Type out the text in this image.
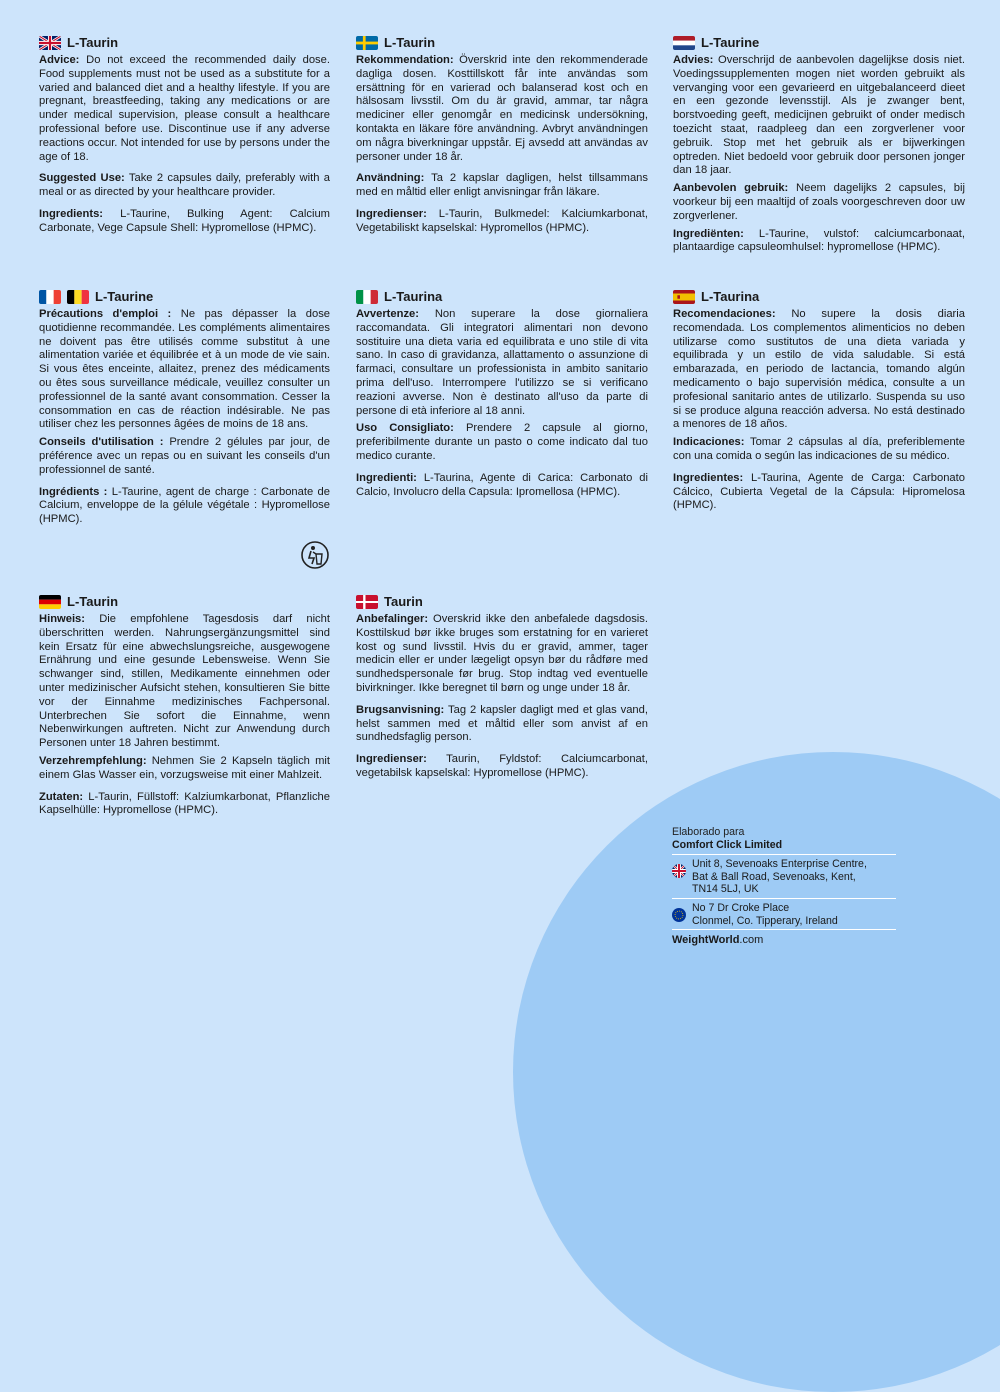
L-Taurin

Advice: Do not exceed the recommended daily dose. Food supplements must not be used as a substitute for a varied and balanced diet and a healthy lifestyle. If you are pregnant, breastfeeding, taking any medications or are under medical supervision, please consult a healthcare professional before use. Discontinue use if any adverse reactions occur. Not intended for use by persons under the age of 18.

Suggested Use: Take 2 capsules daily, preferably with a meal or as directed by your healthcare provider.

Ingredients: L-Taurine, Bulking Agent: Calcium Carbonate, Vege Capsule Shell: Hypromellose (HPMC).

L-Taurin

Rekommendation: Överskrid inte den rekommenderade dagliga dosen. Kosttillskott får inte användas som ersättning för en varierad och balanserad kost och en hälsosam livsstil. Om du är gravid, ammar, tar några mediciner eller genomgår en medicinsk undersökning, kontakta en läkare före användning. Avbryt användningen om några biverkningar uppstår. Ej avsedd att användas av personer under 18 år.

Användning: Ta 2 kapslar dagligen, helst tillsammans med en måltid eller enligt anvisningar från läkare.

Ingredienser: L-Taurin, Bulkmedel: Kalciumkarbonat, Vegetabiliskt kapselskal: Hypromellos (HPMC).

L-Taurine

Advies: Overschrijd de aanbevolen dagelijkse dosis niet. Voedingssupplementen mogen niet worden gebruikt als vervanging voor een gevarieerd en uitgebalanceerd dieet en een gezonde levensstijl. Als je zwanger bent, borstvoeding geeft, medicijnen gebruikt of onder medisch toezicht staat, raadpleeg dan een zorgverlener voor gebruik. Stop met het gebruik als er bijwerkingen optreden. Niet bedoeld voor gebruik door personen jonger dan 18 jaar.

Aanbevolen gebruik: Neem dagelijks 2 capsules, bij voorkeur bij een maaltijd of zoals voorgeschreven door uw zorgverlener.

Ingrediënten: L-Taurine, vulstof: calciumcarbonaat, plantaardige capsuleomhulsel: hypromellose (HPMC).

L-Taurine

Précautions d'emploi : Ne pas dépasser la dose quotidienne recommandée. Les compléments alimentaires ne doivent pas être utilisés comme substitut à une alimentation variée et équilibrée et à un mode de vie sain. Si vous êtes enceinte, allaitez, prenez des médicaments ou êtes sous surveillance médicale, veuillez consulter un professionnel de la santé avant consommation. Cesser la consommation en cas de réaction indésirable. Ne pas utiliser chez les personnes âgées de moins de 18 ans.

Conseils d'utilisation : Prendre 2 gélules par jour, de préférence avec un repas ou en suivant les conseils d'un professionnel de santé.

Ingrédients : L-Taurine, agent de charge : Carbonate de Calcium, enveloppe de la gélule végétale : Hypromellose (HPMC).

L-Taurina

Avvertenze: Non superare la dose giornaliera raccomandata. Gli integratori alimentari non devono sostituire una dieta varia ed equilibrata e uno stile di vita sano. In caso di gravidanza, allattamento o assunzione di farmaci, consultare un professionista in ambito sanitario prima dell'uso. Interrompere l'utilizzo se si verificano reazioni avverse. Non è destinato all'uso da parte di persone di età inferiore al 18 anni.

Uso Consigliato: Prendere 2 capsule al giorno, preferibilmente durante un pasto o come indicato dal tuo medico curante.

Ingredienti: L-Taurina, Agente di Carica: Carbonato di Calcio, Involucro della Capsula: Ipromellosa (HPMC).

L-Taurina

Recomendaciones: No supere la dosis diaria recomendada. Los complementos alimenticios no deben utilizarse como sustitutos de una dieta variada y equilibrada y un estilo de vida saludable. Si está embarazada, en periodo de lactancia, tomando algún medicamento o bajo supervisión médica, consulte a un profesional sanitario antes de utilizarlo. Suspenda su uso si se produce alguna reacción adversa. No está destinado a menores de 18 años.

Indicaciones: Tomar 2 cápsulas al día, preferiblemente con una comida o según las indicaciones de su médico.

Ingredientes: L-Taurina, Agente de Carga: Carbonato Cálcico, Cubierta Vegetal de la Cápsula: Hipromelosa (HPMC).

L-Taurin

Hinweis: Die empfohlene Tagesdosis darf nicht überschritten werden. Nahrungsergänzungsmittel sind kein Ersatz für eine abwechslungsreiche, ausgewogene Ernährung und eine gesunde Lebensweise. Wenn Sie schwanger sind, stillen, Medikamente einnehmen oder unter medizinischer Aufsicht stehen, konsultieren Sie bitte vor der Einnahme medizinisches Fachpersonal. Unterbrechen Sie sofort die Einnahme, wenn Nebenwirkungen auftreten. Nicht zur Anwendung durch Personen unter 18 Jahren bestimmt.

Verzehrempfehlung: Nehmen Sie 2 Kapseln täglich mit einem Glas Wasser ein, vorzugsweise mit einer Mahlzeit.

Zutaten: L-Taurin, Füllstoff: Kalziumkarbonat, Pflanzliche Kapselhülle: Hypromellose (HPMC).

Taurin

Anbefalinger: Overskrid ikke den anbefalede dagsdosis. Kosttilskud bør ikke bruges som erstatning for en varieret kost og sund livsstil. Hvis du er gravid, ammer, tager medicin eller er under lægeligt opsyn bør du rådføre med sundhedspersonale før brug. Stop indtag ved eventuelle bivirkninger. Ikke beregnet til børn og unge under 18 år.

Brugsanvisning: Tag 2 kapsler dagligt med et glas vand, helst sammen med et måltid eller som anvist af en sundhedsfaglig person.

Ingredienser: Taurin, Fyldstof: Calciumcarbonat, vegetabilsk kapselskal: Hypromellose (HPMC).

Elaborado para
Comfort Click Limited
Unit 8, Sevenoaks Enterprise Centre,
Bat & Ball Road, Sevenoaks, Kent,
TN14 5LJ, UK
No 7 Dr Croke Place
Clonmel, Co. Tipperary, Ireland
WeightWorld.com
